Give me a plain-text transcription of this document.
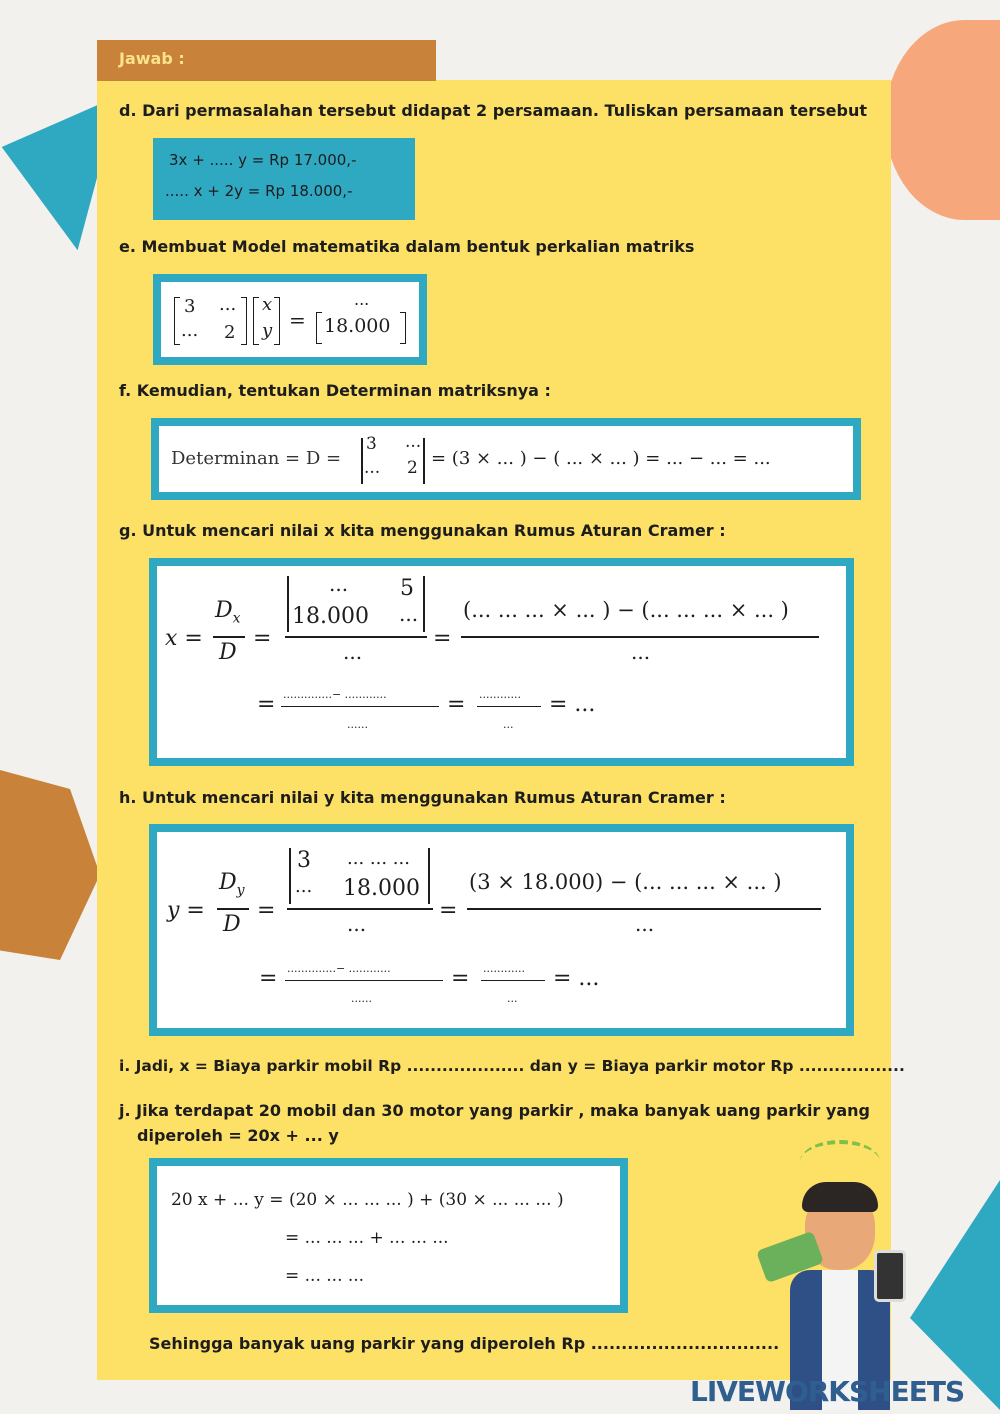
Jawab :
d. Dari permasalahan tersebut didapat 2 persamaan. Tuliskan persamaan tersebut
3x + ..... y = Rp 17.000,-
..... x + 2y = Rp 18.000,-
e. Membuat Model matematika dalam bentuk perkalian matriks
3 ...
... 2
x
y =
...
18.000
f. Kemudian, tentukan Determinan matriksnya :
Determinan = D =
3 ...
... 2 = (3 × ... ) − ( ... × ... ) = ... − ... = ...
g. Untuk mencari nilai x kita menggunakan Rumus Aturan Cramer :
x =
$D_x$
D
=
... 5
18.000 ...
...
=
(... ... ... × ... ) − (... ... ... × ... )
...
= ..............− ............
......
= ............
...
= ...
h. Untuk mencari nilai y kita menggunakan Rumus Aturan Cramer :
y =
$D_y$
D
=
3 ... ... ...
... 18.000
...
=
(3 × 18.000) − (... ... ... × ... )
...
= ..............− ............
......
= ............
...
= ...
i. Jadi, x = Biaya parkir mobil Rp .................... dan y = Biaya parkir motor Rp ..................
j. Jika terdapat 20 mobil dan 30 motor yang parkir , maka banyak uang parkir yang
diperoleh = 20x + ... y
20 x + ... y = (20 × ... ... ... ) + (30 × ... ... ... )
= ... ... ... + ... ... ...
= ... ... ...
Sehingga banyak uang parkir yang diperoleh Rp ...............................
LIVEWORKSHEETS
